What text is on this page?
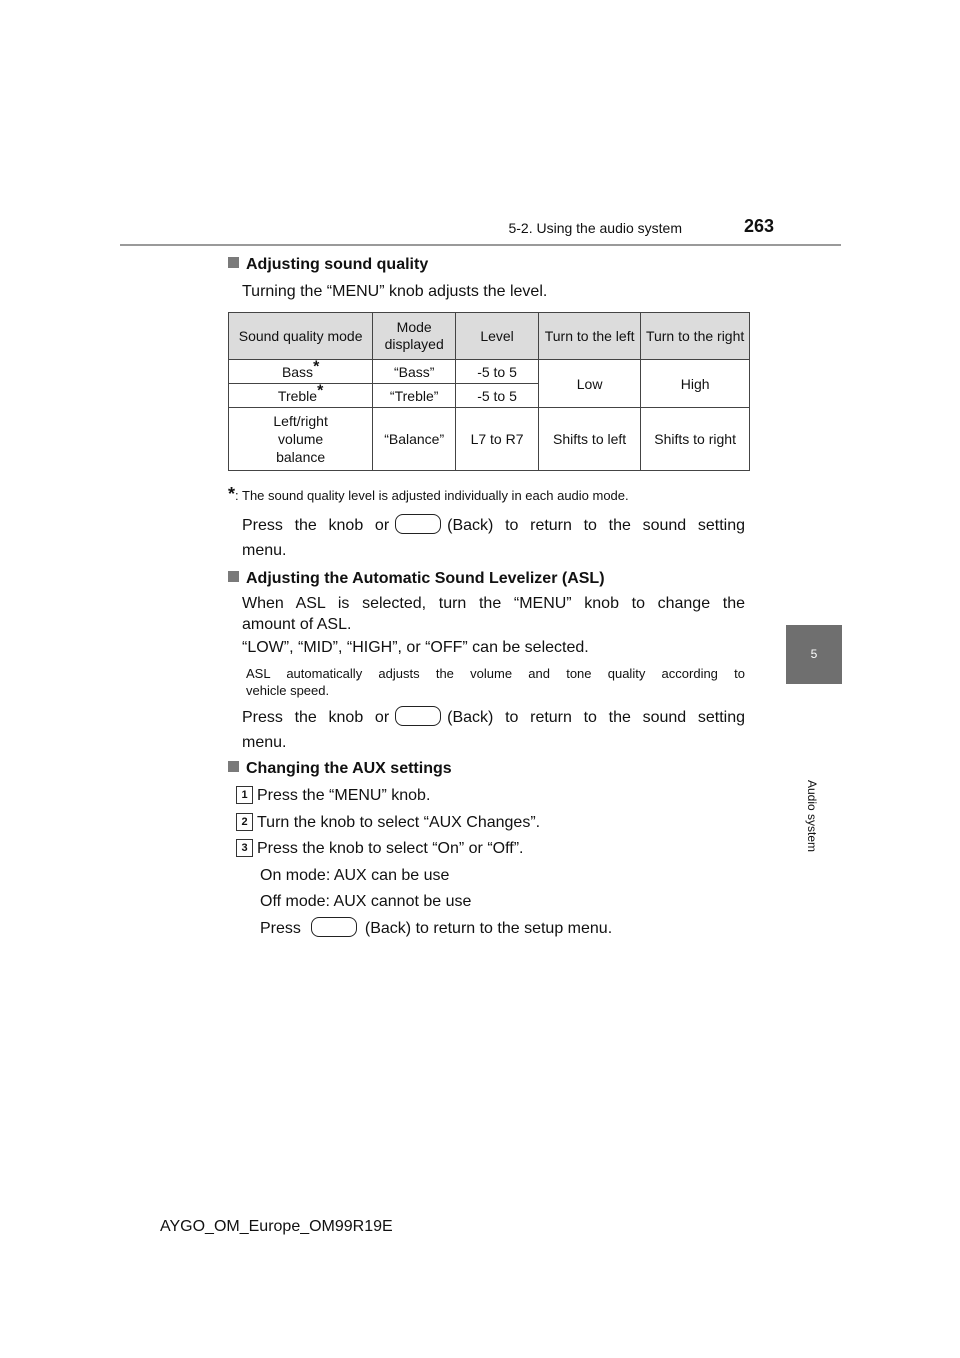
5-2. Using the audio system	263
5
Audio system
Adjusting sound quality
Turning the “MENU” knob adjusts the level.
Sound quality mode	Mode displayed	Level	Turn to the left	Turn to the right
Bass*	“Bass”	-5 to 5	Low	High
Treble*	“Treble”	-5 to 5		
Left/right volume balance	“Balance”	L7 to R7	Shifts to left	Shifts to right
*: The sound quality level is adjusted individually in each audio mode.
Press the knob or	(Back) to return to the sound setting
menu.
Adjusting the Automatic Sound Levelizer (ASL)
When ASL is selected, turn the “MENU” knob to change the
amount of ASL.
“LOW”, “MID”, “HIGH”, or “OFF” can be selected.
ASL automatically adjusts the volume and tone quality according to
vehicle speed.
Press the knob or	(Back) to return to the sound setting
menu.
Changing the AUX settings
1 Press the “MENU” knob.
2 Turn the knob to select “AUX Changes”.
3 Press the knob to select “On” or “Off”.
On mode: AUX can be use
Off mode: AUX cannot be use
Press	(Back) to return to the setup menu.
AYGO_OM_Europe_OM99R19E
